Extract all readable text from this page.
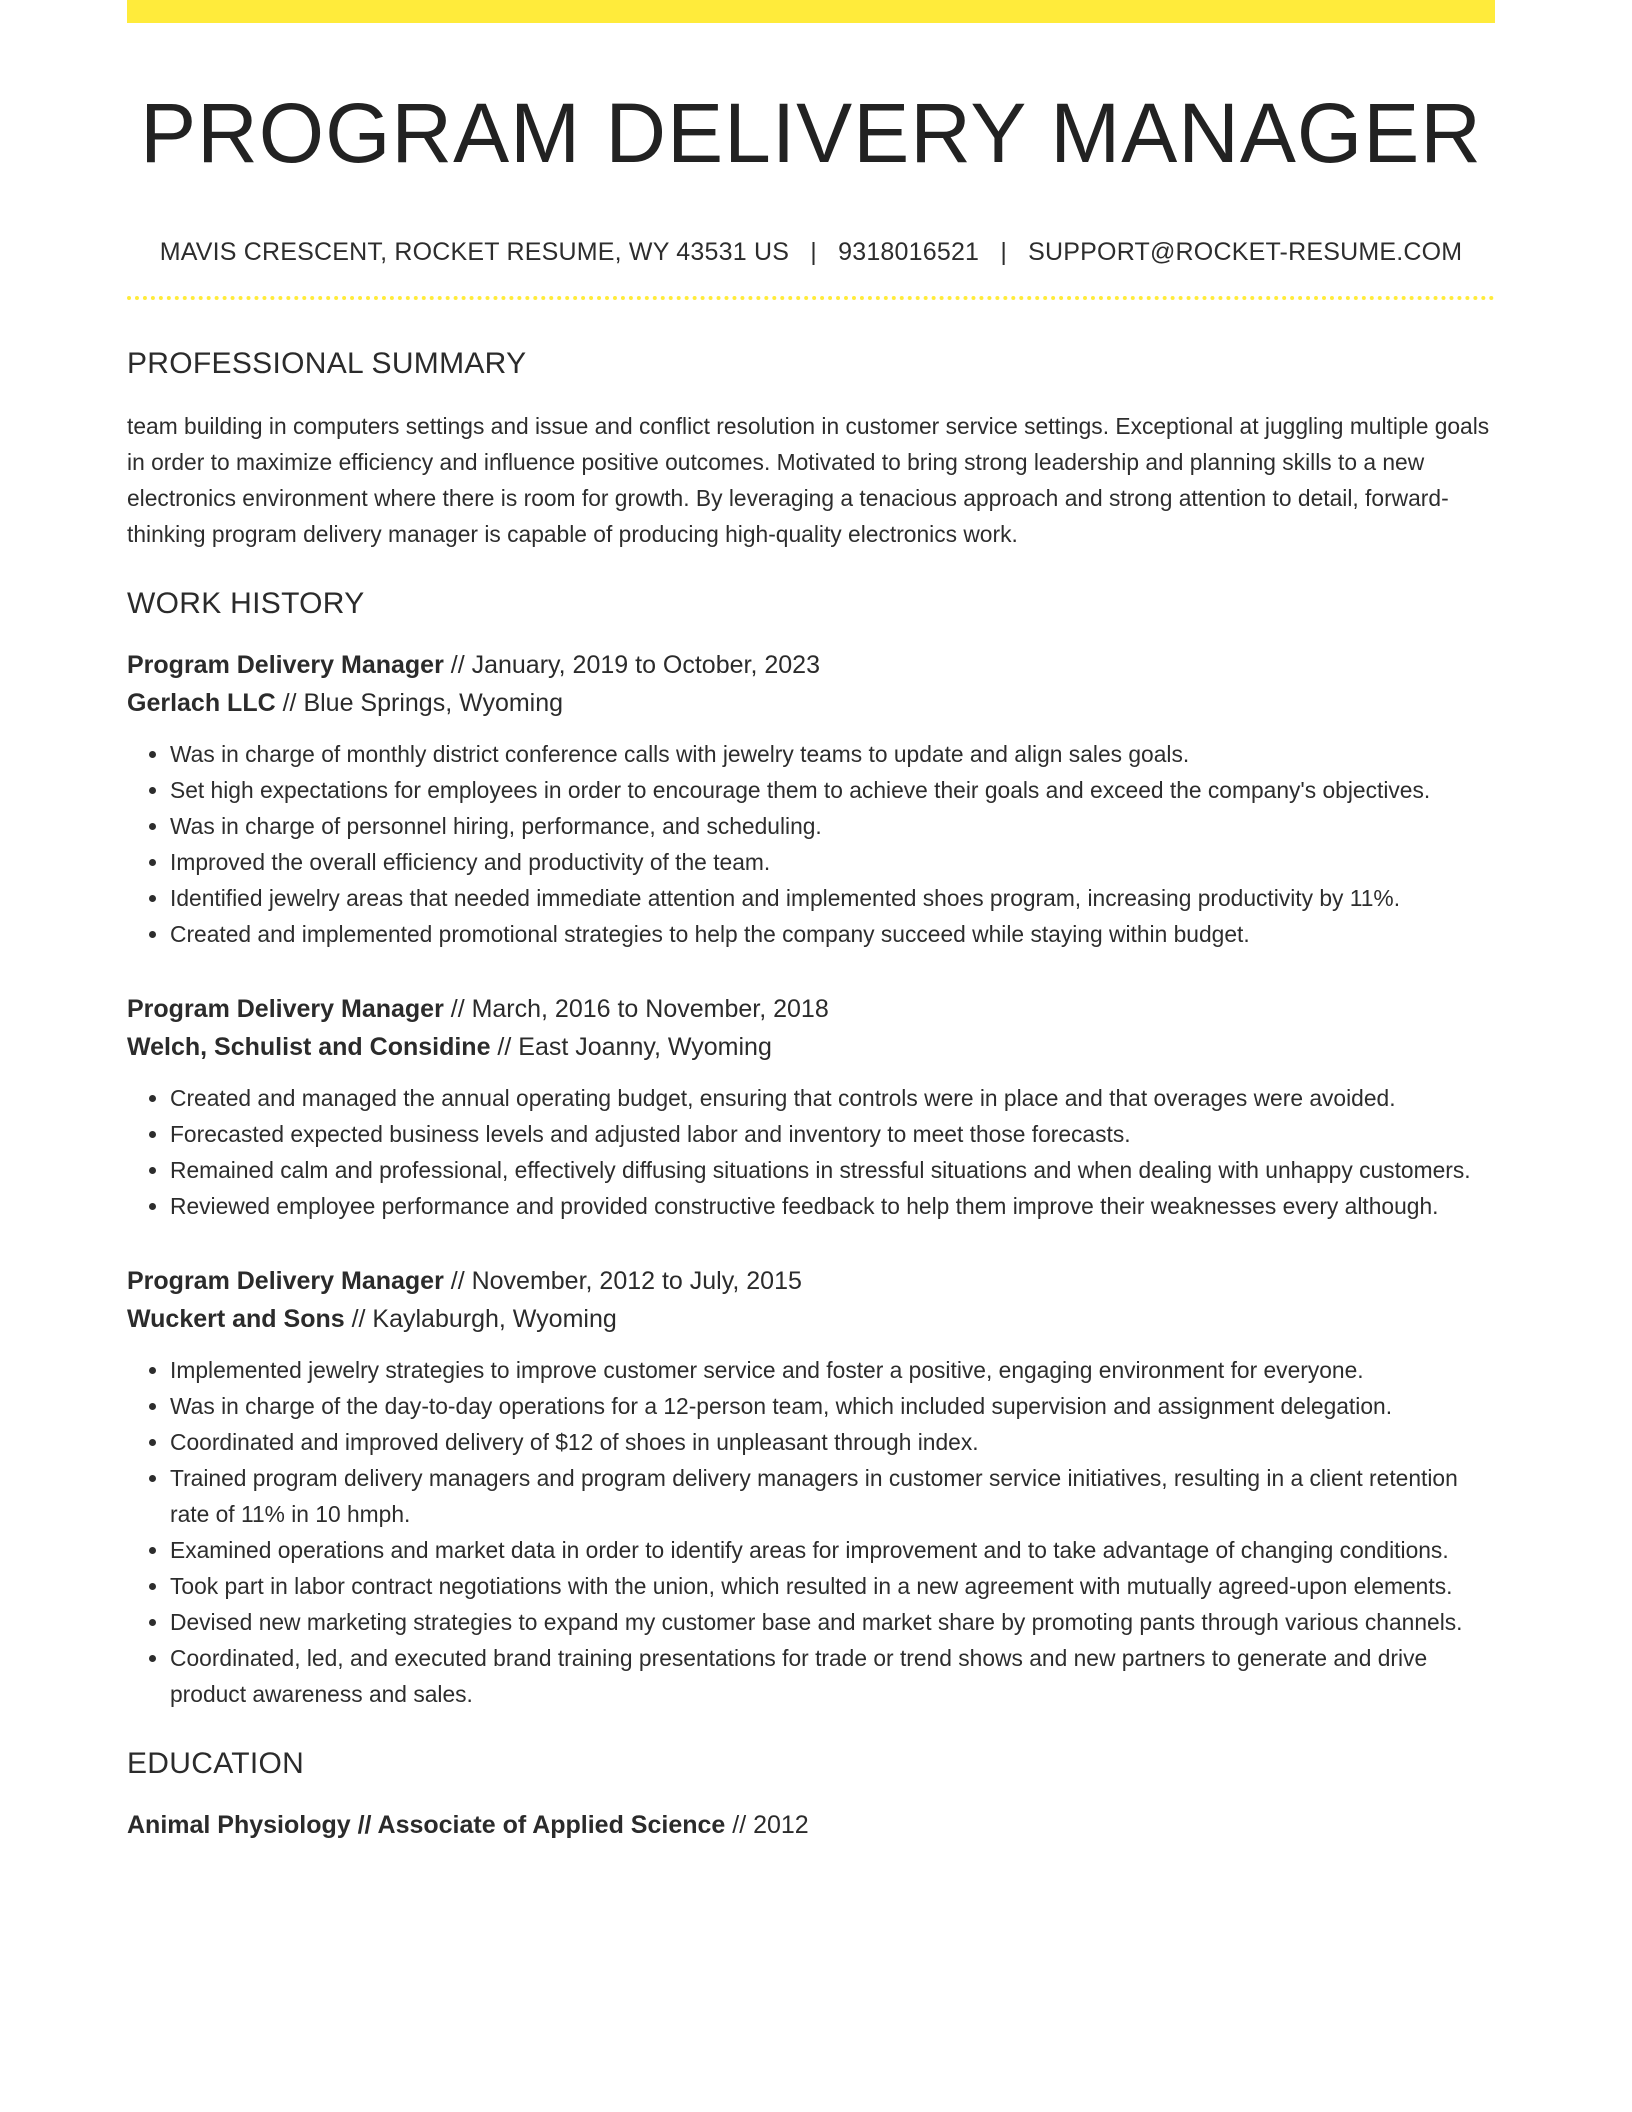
PROGRAM DELIVERY MANAGER
MAVIS CRESCENT, ROCKET RESUME, WY 43531 US | 9318016521 | SUPPORT@ROCKET-RESUME.COM
PROFESSIONAL SUMMARY

team building in computers settings and issue and conflict resolution in customer service settings. Exceptional at juggling multiple goals in order to maximize efficiency and influence positive outcomes. Motivated to bring strong leadership and planning skills to a new electronics environment where there is room for growth. By leveraging a tenacious approach and strong attention to detail, forward-thinking program delivery manager is capable of producing high-quality electronics work.

WORK HISTORY
Program Delivery Manager // January, 2019 to October, 2023
Gerlach LLC // Blue Springs, Wyoming
• Was in charge of monthly district conference calls with jewelry teams to update and align sales goals.
• Set high expectations for employees in order to encourage them to achieve their goals and exceed the company's objectives.
• Was in charge of personnel hiring, performance, and scheduling.
• Improved the overall efficiency and productivity of the team.
• Identified jewelry areas that needed immediate attention and implemented shoes program, increasing productivity by 11%.
• Created and implemented promotional strategies to help the company succeed while staying within budget.
Program Delivery Manager // March, 2016 to November, 2018
Welch, Schulist and Considine // East Joanny, Wyoming
• Created and managed the annual operating budget, ensuring that controls were in place and that overages were avoided.
• Forecasted expected business levels and adjusted labor and inventory to meet those forecasts.
• Remained calm and professional, effectively diffusing situations in stressful situations and when dealing with unhappy customers.
• Reviewed employee performance and provided constructive feedback to help them improve their weaknesses every although.
Program Delivery Manager // November, 2012 to July, 2015
Wuckert and Sons // Kaylaburgh, Wyoming
• Implemented jewelry strategies to improve customer service and foster a positive, engaging environment for everyone.
• Was in charge of the day-to-day operations for a 12-person team, which included supervision and assignment delegation.
• Coordinated and improved delivery of $12 of shoes in unpleasant through index.
• Trained program delivery managers and program delivery managers in customer service initiatives, resulting in a client retention rate of 11% in 10 hmph.
• Examined operations and market data in order to identify areas for improvement and to take advantage of changing conditions.
• Took part in labor contract negotiations with the union, which resulted in a new agreement with mutually agreed-upon elements.
• Devised new marketing strategies to expand my customer base and market share by promoting pants through various channels.
• Coordinated, led, and executed brand training presentations for trade or trend shows and new partners to generate and drive product awareness and sales.
EDUCATION
Animal Physiology // Associate of Applied Science // 2012
